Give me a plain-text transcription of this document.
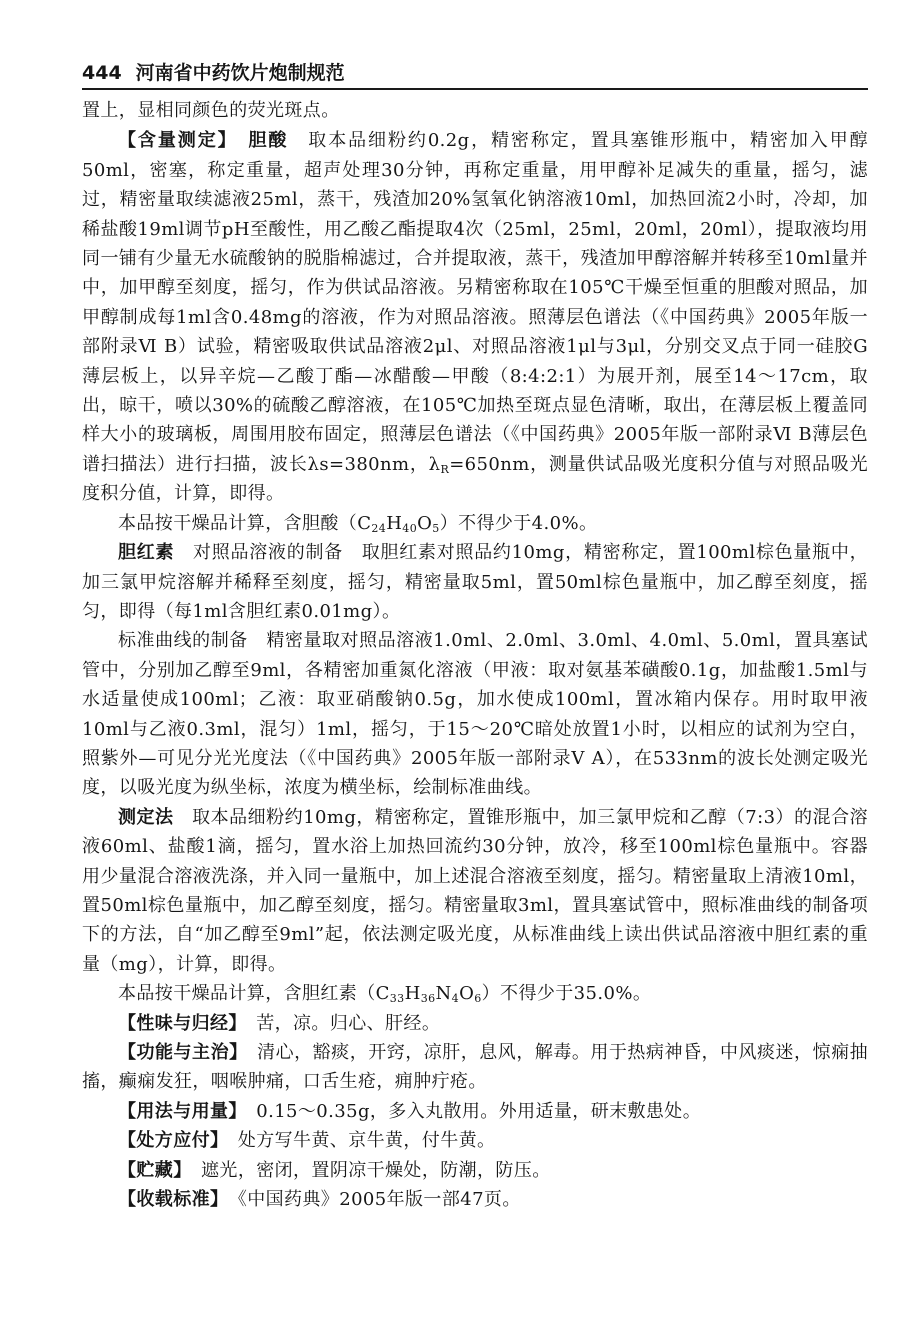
444 河南省中药饮片炮制规范

置上，显相同颜色的荧光斑点。

【含量测定】　 胆酸　 取本品细粉约0.2g，精密称定，置具塞锥形瓶中，精密加入甲醇50ml，密塞，称定重量，超声处理30分钟，再称定重量，用甲醇补足减失的重量，摇匀，滤过，精密量取续滤液25ml，蒸干，残渣加20%氢氧化钠溶液10ml，加热回流2小时，冷却，加稀盐酸19ml调节pH至酸性，用乙酸乙酯提取4次（25ml，25ml，20ml，20ml），提取液均用同一铺有少量无水硫酸钠的脱脂棉滤过，合并提取液，蒸干，残渣加甲醇溶解并转移至10ml量并中，加甲醇至刻度，摇匀，作为供试品溶液。另精密称取在105℃干燥至恒重的胆酸对照品，加甲醇制成每1ml含0.48mg的溶液，作为对照品溶液。照薄层色谱法（《中国药典》2005年版一部附录Ⅵ B）试验，精密吸取供试品溶液2μl、对照品溶液1μl与3μl，分别交叉点于同一硅胶G薄层板上，以异辛烷—乙酸丁酯—冰醋酸—甲酸（8:4:2:1）为展开剂，展至14～17cm，取出，晾干，喷以30%的硫酸乙醇溶液，在105℃加热至斑点显色清晰，取出，在薄层板上覆盖同样大小的玻璃板，周围用胶布固定，照薄层色谱法（《中国药典》2005年版一部附录Ⅵ B薄层色谱扫描法）进行扫描，波长λs=380nm，$\lambda_R=650nm$，测量供试品吸光度积分值与对照品吸光度积分值，计算，即得。

本品按干燥品计算，含胆酸$(C_{24}H_{40}O_5)$不得少于4.0%。

胆红素　 对照品溶液的制备　取胆红素对照品约10mg，精密称定，置100ml棕色量瓶中，加三氯甲烷溶解并稀释至刻度，摇匀，精密量取5ml，置50ml棕色量瓶中，加乙醇至刻度，摇匀，即得（每1ml含胆红素0.01mg）。

标准曲线的制备　精密量取对照品溶液1.0ml、2.0ml、3.0ml、4.0ml、5.0ml，置具塞试管中，分别加乙醇至9ml，各精密加重氮化溶液（甲液：取对氨基苯磺酸0.1g，加盐酸1.5ml与水适量使成100ml；乙液：取亚硝酸钠0.5g，加水使成100ml，置冰箱内保存。用时取甲液10ml与乙液0.3ml，混匀）1ml，摇匀，于15～20℃暗处放置1小时，以相应的试剂为空白，照紫外—可见分光光度法（《中国药典》2005年版一部附录Ⅴ A），在533nm的波长处测定吸光度，以吸光度为纵坐标，浓度为横坐标，绘制标准曲线。

测定法　 取本品细粉约10mg，精密称定，置锥形瓶中，加三氯甲烷和乙醇（7:3）的混合溶液60ml、盐酸1滴，摇匀，置水浴上加热回流约30分钟，放冷，移至100ml棕色量瓶中。容器用少量混合溶液洗涤，并入同一量瓶中，加上述混合溶液至刻度，摇匀。精密量取上清液10ml，置50ml棕色量瓶中，加乙醇至刻度，摇匀。精密量取3ml，置具塞试管中，照标准曲线的制备项下的方法，自“加乙醇至9ml”起，依法测定吸光度，从标准曲线上读出供试品溶液中胆红素的重量（mg），计算，即得。

本品按干燥品计算，含胆红素$(C_{33}H_{36}N_4O_6)$不得少于35.0%。

【性味与归经】　 苦，凉。归心、肝经。

【功能与主治】　 清心，豁痰，开窍，凉肝，息风，解毒。用于热病神昏，中风痰迷，惊痫抽搐，癫痫发狂，咽喉肿痛，口舌生疮，痈肿疔疮。

【用法与用量】　 0.15～0.35g，多入丸散用。外用适量，研末敷患处。

【处方应付】　 处方写牛黄、京牛黄，付牛黄。

【贮藏】　 遮光，密闭，置阴凉干燥处，防潮，防压。

【收载标准】　 《中国药典》2005年版一部47页。
